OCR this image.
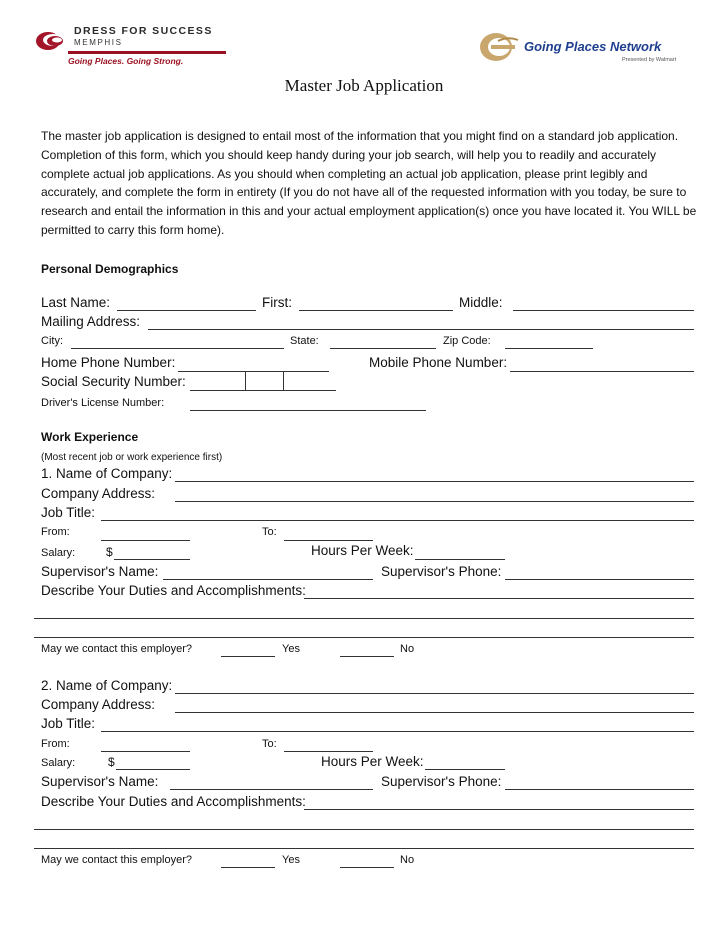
DRESS FOR SUCCESS
MEMPHIS
Going Places. Going Strong.
Going Places Network
Presented by Walmart
Master Job Application
The master job application is designed to entail most of the information that you might find on a standard job application. Completion of this form, which you should keep handy during your job search, will help you to readily and accurately complete actual job applications. As you should when completing an actual job application, please print legibly and accurately, and complete the form in entirety (If you do not have all of the requested information with you today, be sure to research and entail the information in this and your actual employment application(s) once you have located it. You WILL be permitted to carry this form home).
Personal Demographics
Last Name:	First:	Middle:
Mailing Address:
City:	State:	Zip Code:
Home Phone Number:	Mobile Phone Number:
Social Security Number:
Driver's License Number:
Work Experience
(Most recent job or work experience first)
1. Name of Company:
Company Address:
Job Title:
From:	To:
Salary:	$	Hours Per Week:
Supervisor's Name:	Supervisor's Phone:
Describe Your Duties and Accomplishments:
May we contact this employer?	Yes	No
2. Name of Company:
Company Address:
Job Title:
From:	To:
Salary:	$	Hours Per Week:
Supervisor's Name:	Supervisor's Phone:
Describe Your Duties and Accomplishments:
May we contact this employer?	Yes	No
